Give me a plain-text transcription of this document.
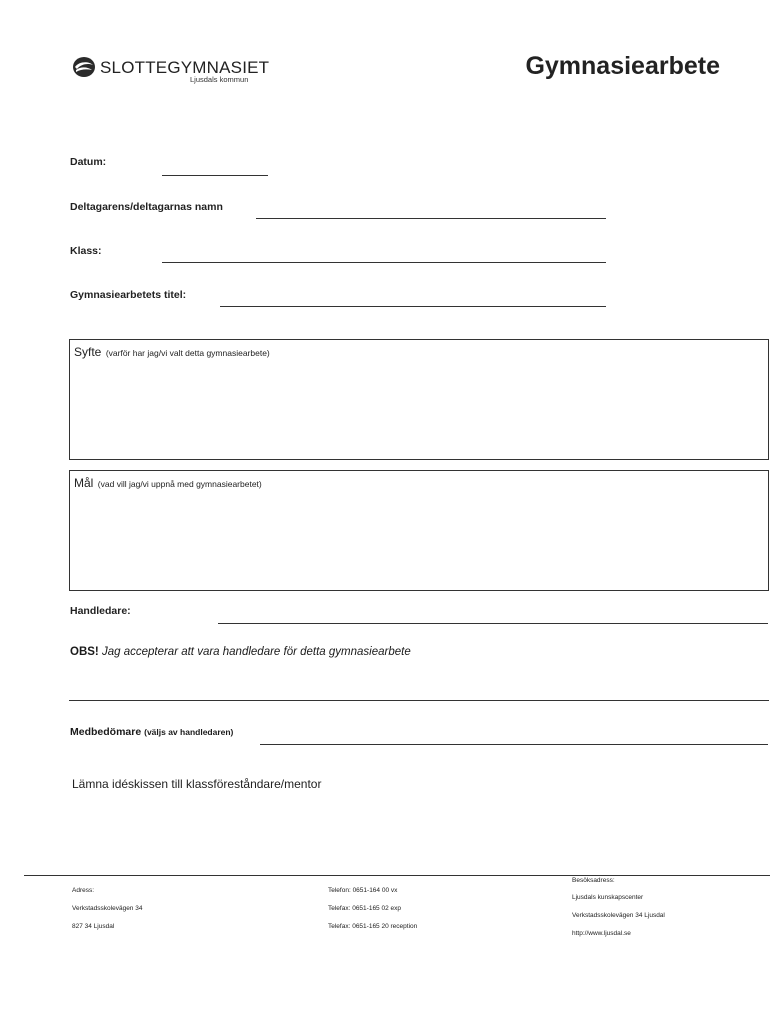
SLOTTEGYMNASIET
Ljusdals kommun	Gymnasiearbete
Datum:
Deltagarens/deltagarnas namn
Klass:
Gymnasiearbetets titel:
Syfte (varför har jag/vi valt detta gymnasiearbete)
Mål (vad vill jag/vi uppnå med gymnasiearbetet)
Handledare:
OBS! Jag accepterar att vara handledare för detta gymnasiearbete
Medbedömare (väljs av handledaren)
Lämna idéskissen till klassföreståndare/mentor
Adress:
Verkstadsskolevägen 34
827 34 Ljusdal
Telefon: 0651-164 00 vx
Telefax: 0651-165 02 exp
Telefax: 0651-165 20 reception
Besöksadress:
Ljusdals kunskapscenter
Verkstadsskolevägen 34 Ljusdal
http://www.ljusdal.se
